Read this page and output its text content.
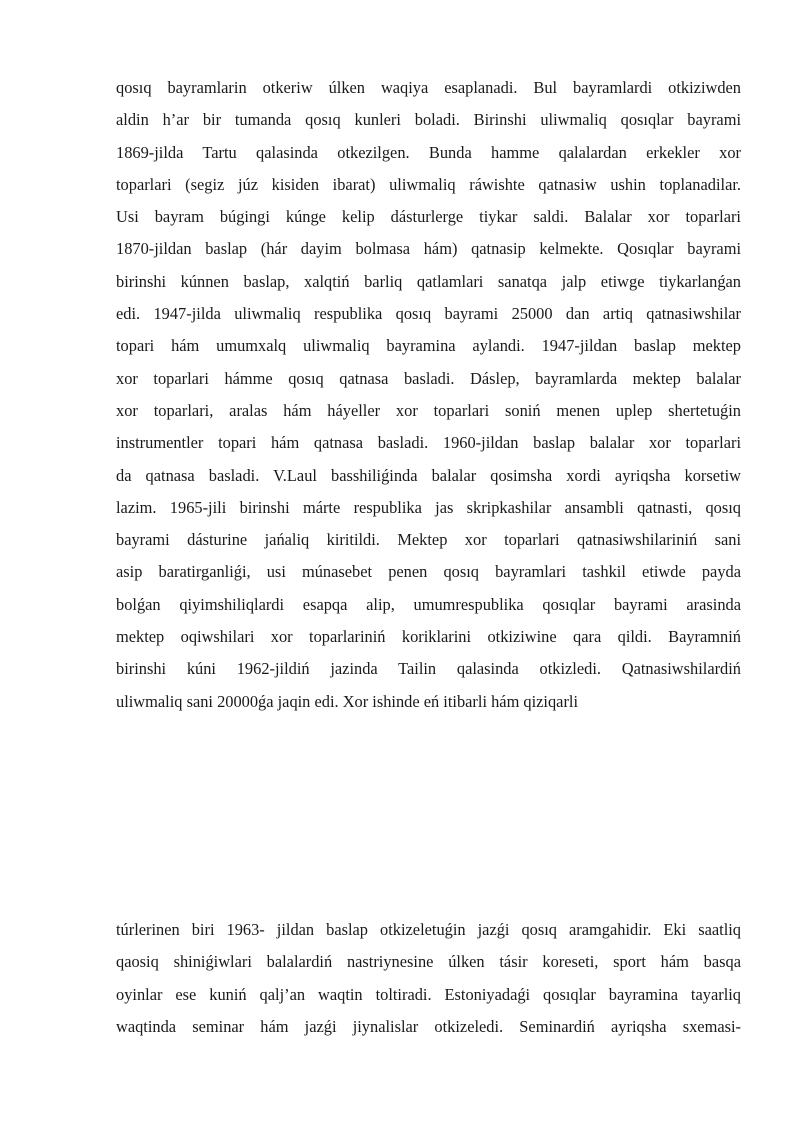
qosıq bayramlarin otkeriw úlken waqiya esaplanadi. Bul bayramlardi otkiziwden
aldin h’ar bir tumanda qosıq kunleri boladi. Birinshi uliwmaliq qosıqlar bayrami
1869-jilda Tartu qalasinda otkezilgen. Bunda hamme qalalardan erkekler xor
toparlari (segiz júz kisiden ibarat) uliwmaliq ráwishte qatnasiw ushin toplanadilar.
Usi bayram búgingi kúnge kelip dásturlerge tiykar saldi. Balalar xor toparlari
1870-jildan baslap (hár dayim bolmasa hám) qatnasip kelmekte. Qosıqlar bayrami
birinshi kúnnen baslap, xalqtiń barliq qatlamlari sanatqa jalp etiwge tiykarlanǵan
edi. 1947-jilda uliwmaliq respublika qosıq bayrami 25000 dan artiq qatnasiwshilar
topari hám umumxalq uliwmaliq bayramina aylandi. 1947-jildan baslap mektep
xor toparlari hámme qosıq qatnasa basladi. Dáslep, bayramlarda mektep balalar
xor toparlari, aralas hám háyeller xor toparlari soniń menen uplep shertetuǵin
instrumentler topari hám qatnasa basladi. 1960-jildan baslap balalar xor toparlari
da qatnasa basladi. V.Laul basshiliǵinda balalar qosimsha xordi ayriqsha korsetiw
lazim. 1965-jili birinshi márte respublika jas skripkashilar ansambli qatnasti, qosıq
bayrami dásturine jańaliq kiritildi. Mektep xor toparlari qatnasiwshilariniń sani
asip baratirganliǵi, usi múnasebet penen qosıq bayramlari tashkil etiwde payda
bolǵan qiyimshiliqlardi esapqa alip, umumrespublika qosıqlar bayrami arasinda
mektep oqiwshilari xor toparlariniń koriklarini otkiziwine qara qildi. Bayramniń
birinshi kúni 1962-jildiń jazinda Tailin qalasinda otkizledi. Qatnasiwshilardiń
uliwmaliq sani 20000ǵa jaqin edi. Xor ishinde eń itibarli hám qiziqarli
túrlerinen biri 1963- jildan baslap otkizeletuǵin jazǵi qosıq aramgahidir. Eki saatliq
qaosiq shiniǵiwlari balalardiń nastriynesine úlken tásir koreseti, sport hám basqa
oyinlar ese kuniń qalj’an waqtin toltiradi. Estoniyadaǵi qosıqlar bayramina tayarliq
waqtinda seminar hám jazǵi jiynalislar otkizeledi. Seminardiń ayriqsha sxemasi-
